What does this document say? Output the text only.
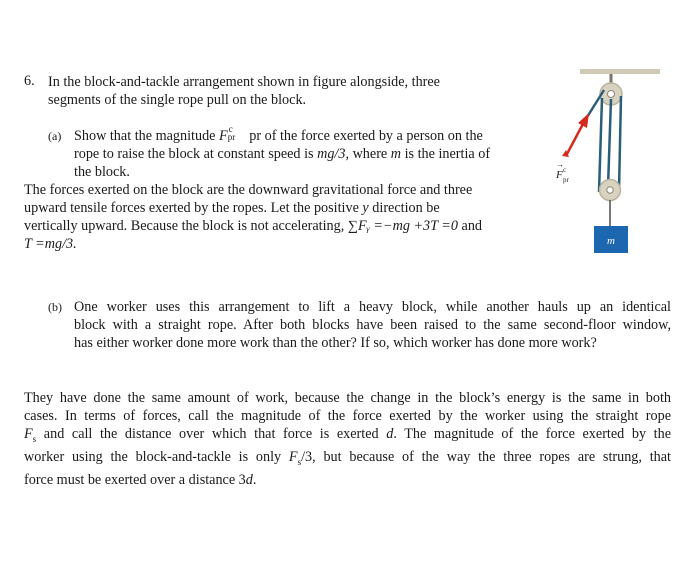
6. In the block-and-tackle arrangement shown in figure alongside, three
segments of the single rope pull on the block.
(a) Show that the magnitude F c
pr pr of the force exerted by a person on the
rope to raise the block at constant speed is mg/3, where m is the inertia of
the block.
The forces exerted on the block are the downward gravitational force and three
upward tensile forces exerted by the ropes. Let the positive y direction be
vertically upward. Because the block is not accelerating, ∑Fᵧ =−mg +3T =0 and
T =mg/3.
F c
pr
→
m
(b) One worker uses this arrangement to lift a heavy block, while another hauls up an identical
block with a straight rope. After both blocks have been raised to the same second-floor window,
has either worker done more work than the other? If so, which worker has done more work?
They have done the same amount of work, because the change in the block’s energy is the same in both
cases. In terms of forces, call the magnitude of the force exerted by the worker using the straight rope
$F_s$ and call the distance over which that force is exerted d. The magnitude of the force exerted by the
worker using the block-and-tackle is only $F_s/3$, but because of the way the three ropes are strung, that
force must be exerted over a distance 3d.
